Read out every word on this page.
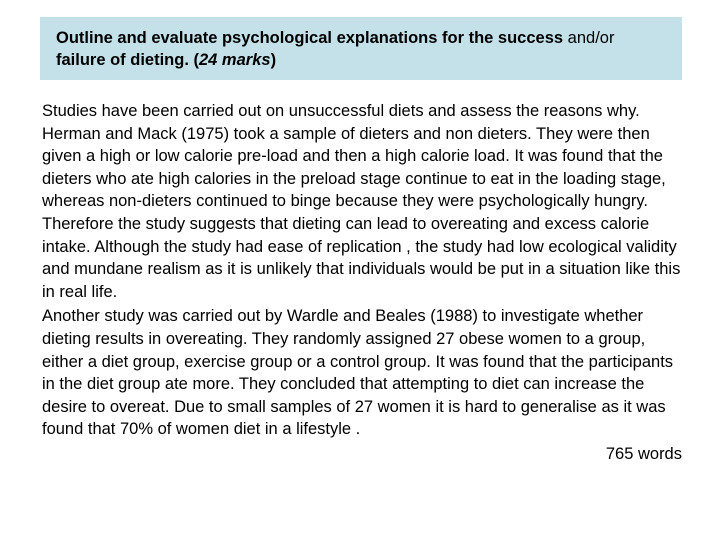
Outline and evaluate psychological explanations for the success and/or
failure of dieting. (24 marks)

Studies have been carried out on unsuccessful diets and assess the reasons why. Herman and Mack (1975) took a sample of dieters and non dieters. They were then given a high or low calorie pre-load and then a high calorie load. It was found that the dieters who ate high calories in the preload stage continue to eat in the loading stage, whereas non-dieters continued to binge because they were psychologically hungry. Therefore the study suggests that dieting can lead to overeating and excess calorie intake. Although the study had ease of replication , the study had low ecological validity and mundane realism as it is unlikely that individuals would be put in a situation like this in real life.

Another study was carried out by Wardle and Beales (1988) to investigate whether dieting results in overeating. They randomly assigned 27 obese women to a group, either a diet group, exercise group or a control group. It was found that the participants in the diet group ate more. They concluded that attempting to diet can increase the desire to overeat. Due to small samples of 27 women it is hard to generalise as it was found that 70% of women diet in a lifestyle .

765 words
